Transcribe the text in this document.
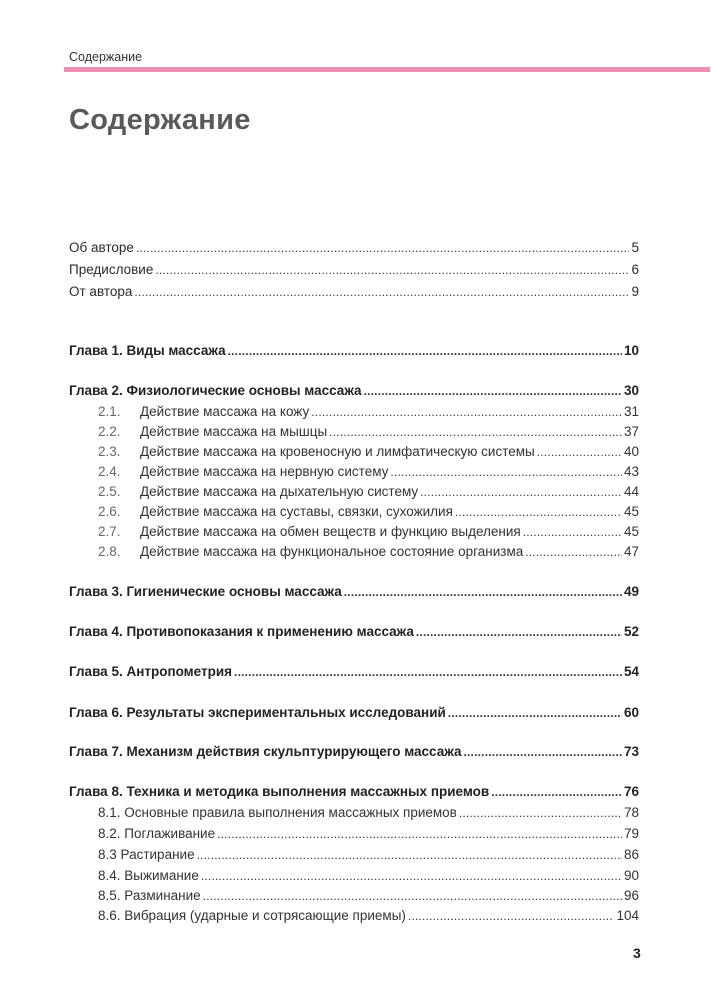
Содержание
Содержание
Об авторе .....	5
Предисловие .....	6
От автора .....	9
Глава 1. Виды массажа .....	10
Глава 2. Физиологические основы массажа .....	30
2.1.	Действие массажа на кожу .....	31
2.2.	Действие массажа на мышцы .....	37
2.3.	Действие массажа на кровеносную и лимфатическую системы .....	40
2.4.	Действие массажа на нервную систему .....	43
2.5.	Действие массажа на дыхательную систему .....	44
2.6.	Действие массажа на суставы, связки, сухожилия .....	45
2.7.	Действие массажа на обмен веществ и функцию выделения .....	45
2.8.	Действие массажа на функциональное состояние организма .....	47
Глава 3. Гигиенические основы массажа .....	49
Глава 4. Противопоказания к применению массажа .....	52
Глава 5. Антропометрия .....	54
Глава 6. Результаты экспериментальных исследований .....	60
Глава 7. Механизм действия скульптурирующего массажа .....	73
Глава 8. Техника и методика выполнения массажных приемов .....	76
8.1. Основные правила выполнения массажных приемов .....	78
8.2. Поглаживание .....	79
8.3 Растирание .....	86
8.4. Выжимание .....	90
8.5. Разминание .....	96
8.6. Вибрация (ударные и сотрясающие приемы) .....	104
3
